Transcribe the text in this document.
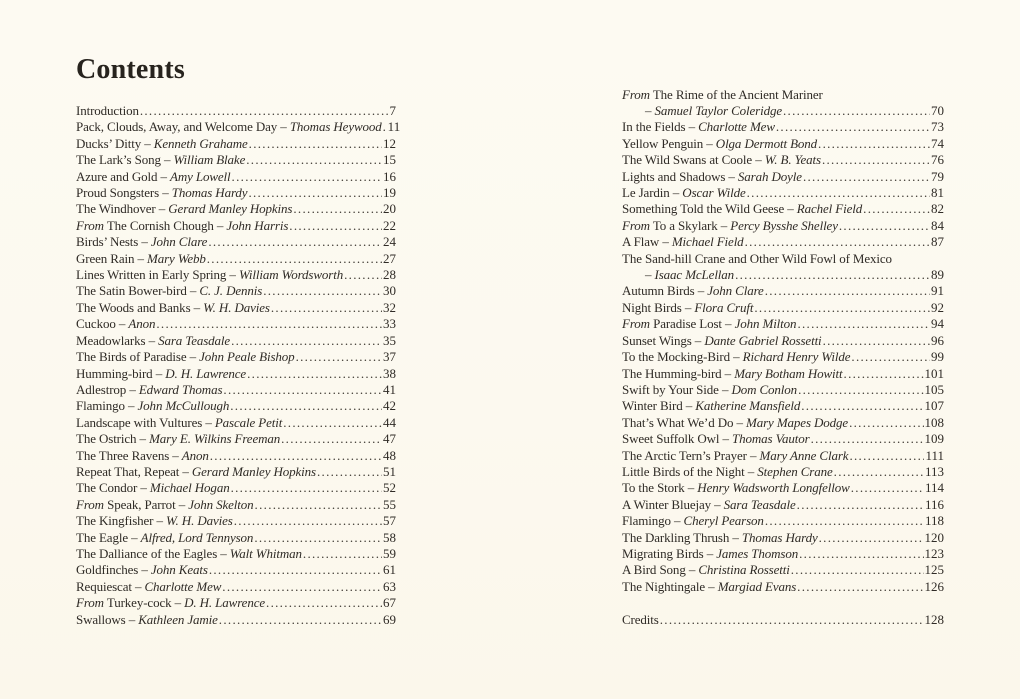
Contents
Introduction .....	7
Pack, Clouds, Away, and Welcome Day – Thomas Heywood ..... 11
Ducks’ Ditty – Kenneth Grahame .....	12
The Lark’s Song – William Blake .....	15
Azure and Gold – Amy Lowell .....	16
Proud Songsters – Thomas Hardy .....	19
The Windhover – Gerard Manley Hopkins .....	20
From The Cornish Chough – John Harris .....	22
Birds’ Nests – John Clare .....	24
Green Rain – Mary Webb .....	27
Lines Written in Early Spring – William Wordsworth .....	28
The Satin Bower-bird – C. J. Dennis .....	30
The Woods and Banks – W. H. Davies .....	32
Cuckoo – Anon .....	33
Meadowlarks – Sara Teasdale .....	35
The Birds of Paradise – John Peale Bishop .....	37
Humming-bird – D. H. Lawrence .....	38
Adlestrop – Edward Thomas .....	41
Flamingo – John McCullough .....	42
Landscape with Vultures – Pascale Petit .....	44
The Ostrich – Mary E. Wilkins Freeman .....	47
The Three Ravens – Anon .....	48
Repeat That, Repeat – Gerard Manley Hopkins .....	51
The Condor – Michael Hogan .....	52
From Speak, Parrot – John Skelton .....	55
The Kingfisher – W. H. Davies .....	57
The Eagle – Alfred, Lord Tennyson .....	58
The Dalliance of the Eagles – Walt Whitman .....	59
Goldfinches – John Keats .....	61
Requiescat – Charlotte Mew .....	63
From Turkey-cock – D. H. Lawrence .....	67
Swallows – Kathleen Jamie .....	69
From The Rime of the Ancient Mariner
– Samuel Taylor Coleridge .....	70
In the Fields – Charlotte Mew .....	73
Yellow Penguin – Olga Dermott Bond .....	74
The Wild Swans at Coole – W. B. Yeats .....	76
Lights and Shadows – Sarah Doyle .....	79
Le Jardin – Oscar Wilde .....	81
Something Told the Wild Geese – Rachel Field .....	82
From To a Skylark – Percy Bysshe Shelley .....	84
A Flaw – Michael Field .....	87
The Sand-hill Crane and Other Wild Fowl of Mexico
– Isaac McLellan .....	89
Autumn Birds – John Clare .....	91
Night Birds – Flora Cruft .....	92
From Paradise Lost – John Milton .....	94
Sunset Wings – Dante Gabriel Rossetti .....	96
To the Mocking-Bird – Richard Henry Wilde .....	99
The Humming-bird – Mary Botham Howitt .....	101
Swift by Your Side – Dom Conlon .....	105
Winter Bird – Katherine Mansfield .....	107
That’s What We’d Do – Mary Mapes Dodge .....	108
Sweet Suffolk Owl – Thomas Vautor .....	109
The Arctic Tern’s Prayer – Mary Anne Clark .....	111
Little Birds of the Night – Stephen Crane .....	113
To the Stork – Henry Wadsworth Longfellow .....	114
A Winter Bluejay – Sara Teasdale .....	116
Flamingo – Cheryl Pearson .....	118
The Darkling Thrush – Thomas Hardy .....	120
Migrating Birds – James Thomson .....	123
A Bird Song – Christina Rossetti .....	125
The Nightingale – Margiad Evans .....	126
Credits .....	128
